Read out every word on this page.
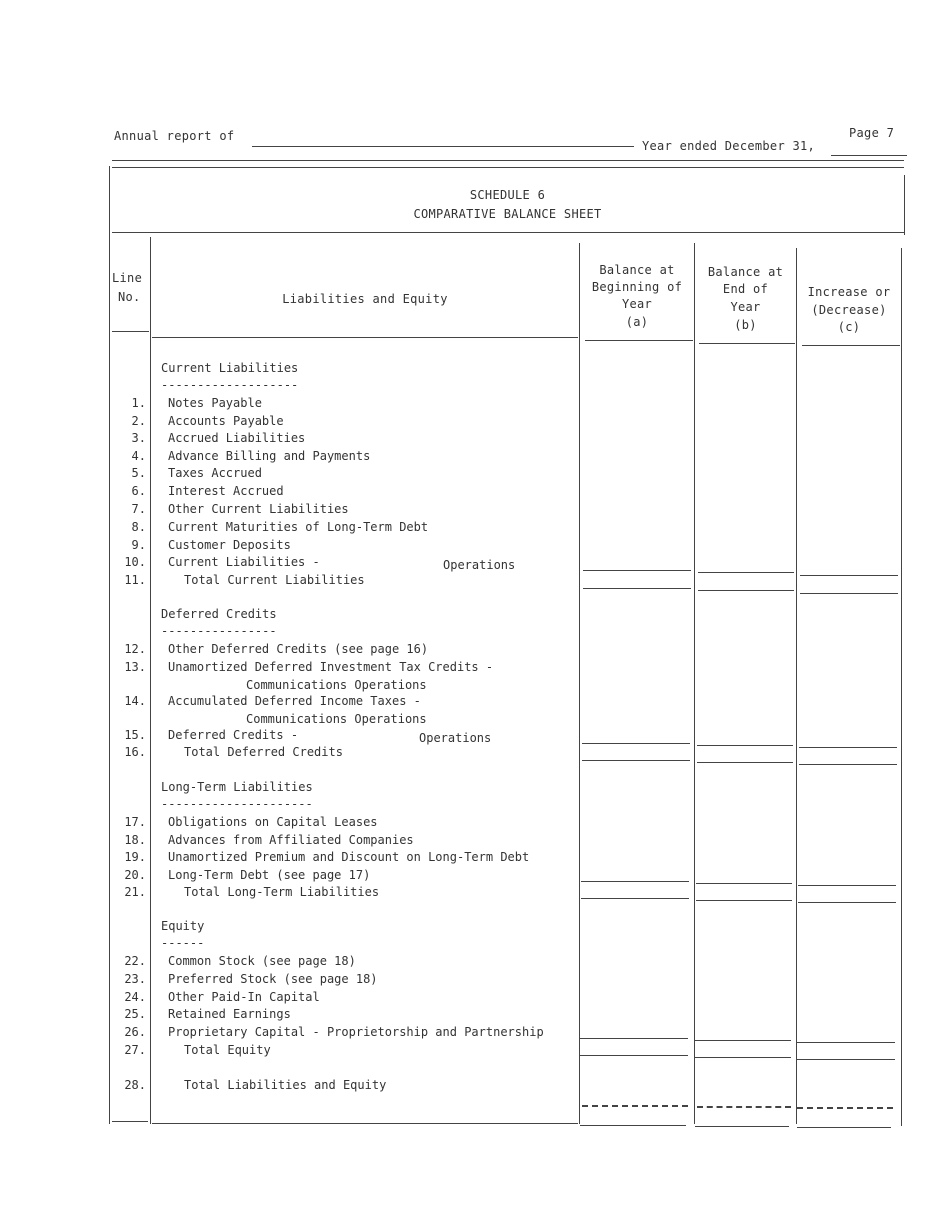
Annual report of	Page 7
Year ended December 31,
SCHEDULE 6
COMPARATIVE BALANCE SHEET
Line
No.	Liabilities and Equity
Balance at
Beginning of
Year
(a)
Balance at
End of
Year
(b)
Increase or
(Decrease)
(c)
Current Liabilities
-------------------
1. Notes Payable
2. Accounts Payable
3. Accrued Liabilities
4. Advance Billing and Payments
5. Taxes Accrued
6. Interest Accrued
7. Other Current Liabilities
8. Current Maturities of Long-Term Debt
9. Customer Deposits
10. Current Liabilities -	Operations
11.	Total Current Liabilities
Deferred Credits
----------------
12. Other Deferred Credits (see page 16)
13. Unamortized Deferred Investment Tax Credits -
Communications Operations
14. Accumulated Deferred Income Taxes -
Communications Operations
15. Deferred Credits -	Operations
16.	Total Deferred Credits
Long-Term Liabilities
---------------------
17. Obligations on Capital Leases
18. Advances from Affiliated Companies
19. Unamortized Premium and Discount on Long-Term Debt
20. Long-Term Debt (see page 17)
21.	Total Long-Term Liabilities
Equity
------
22. Common Stock (see page 18)
23. Preferred Stock (see page 18)
24. Other Paid-In Capital
25. Retained Earnings
26. Proprietary Capital - Proprietorship and Partnership
27.	Total Equity
28.	Total Liabilities and Equity
